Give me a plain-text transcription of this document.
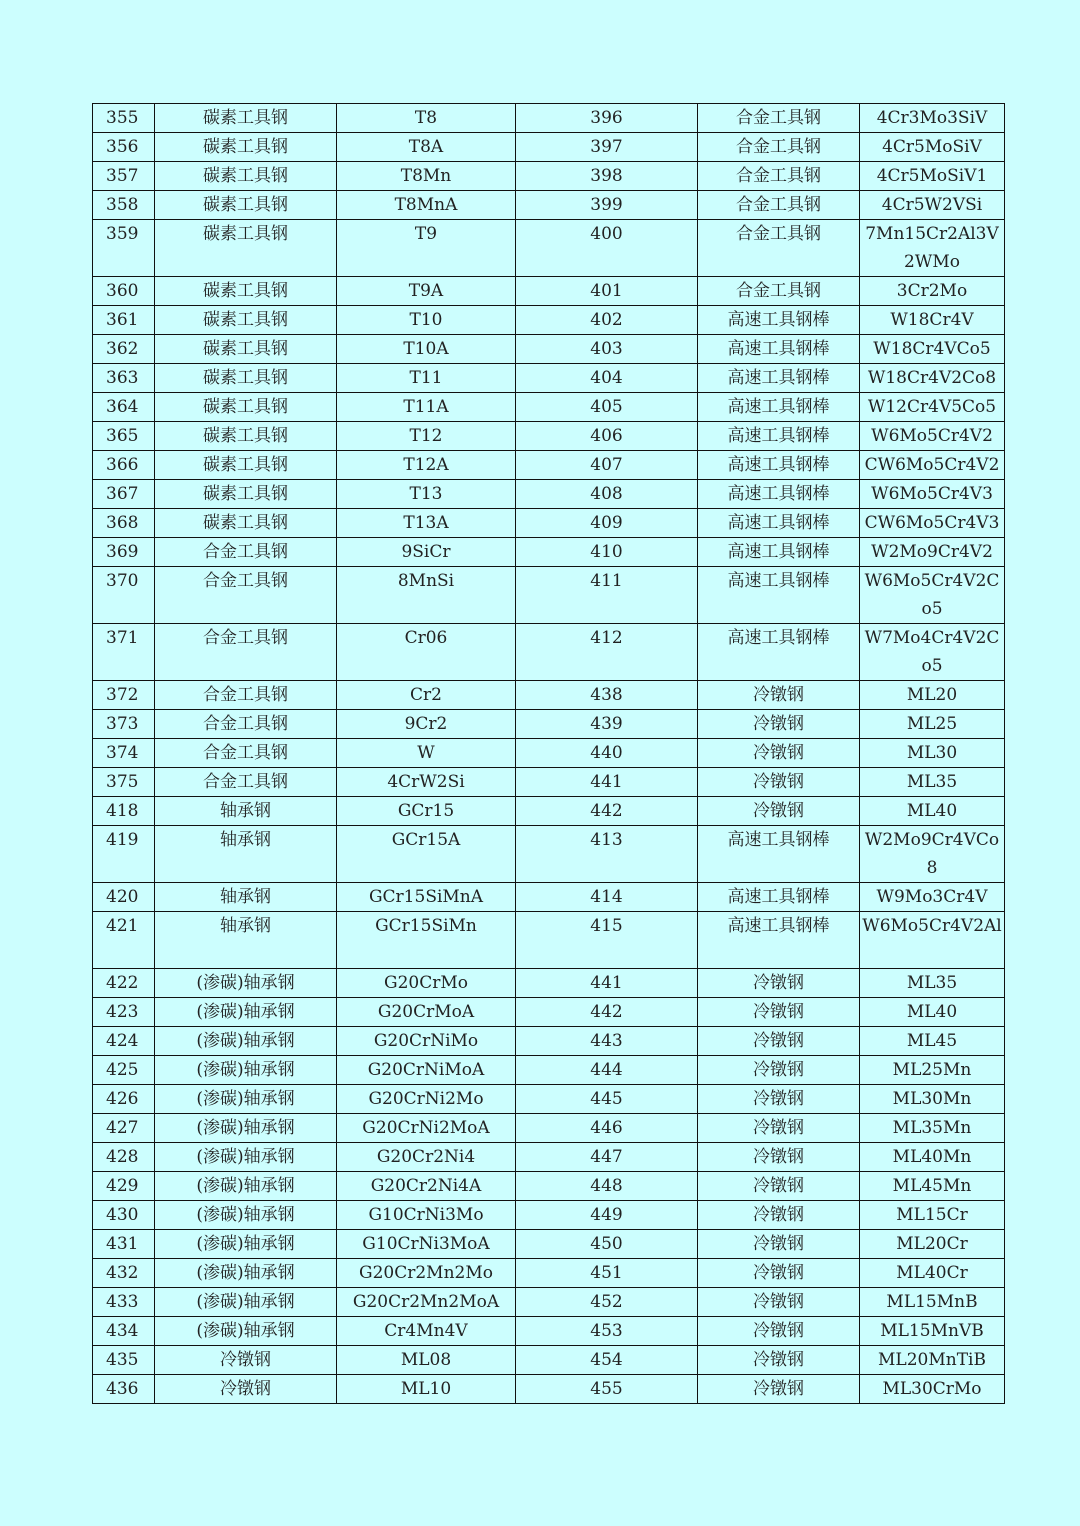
355	碳素工具钢	T8	396	合金工具钢	4Cr3Mo3SiV
356	碳素工具钢	T8A	397	合金工具钢	4Cr5MoSiV
357	碳素工具钢	T8Mn	398	合金工具钢	4Cr5MoSiV1
358	碳素工具钢	T8MnA	399	合金工具钢	4Cr5W2VSi
359	碳素工具钢	T9	400	合金工具钢	7Mn15Cr2Al3V2WMo
360	碳素工具钢	T9A	401	合金工具钢	3Cr2Mo
361	碳素工具钢	T10	402	高速工具钢棒	W18Cr4V
362	碳素工具钢	T10A	403	高速工具钢棒	W18Cr4VCo5
363	碳素工具钢	T11	404	高速工具钢棒	W18Cr4V2Co8
364	碳素工具钢	T11A	405	高速工具钢棒	W12Cr4V5Co5
365	碳素工具钢	T12	406	高速工具钢棒	W6Mo5Cr4V2
366	碳素工具钢	T12A	407	高速工具钢棒	CW6Mo5Cr4V2
367	碳素工具钢	T13	408	高速工具钢棒	W6Mo5Cr4V3
368	碳素工具钢	T13A	409	高速工具钢棒	CW6Mo5Cr4V3
369	合金工具钢	9SiCr	410	高速工具钢棒	W2Mo9Cr4V2
370	合金工具钢	8MnSi	411	高速工具钢棒	W6Mo5Cr4V2Co5
371	合金工具钢	Cr06	412	高速工具钢棒	W7Mo4Cr4V2Co5
372	合金工具钢	Cr2	438	冷镦钢	ML20
373	合金工具钢	9Cr2	439	冷镦钢	ML25
374	合金工具钢	W	440	冷镦钢	ML30
375	合金工具钢	4CrW2Si	441	冷镦钢	ML35
418	轴承钢	GCr15	442	冷镦钢	ML40
419	轴承钢	GCr15A	413	高速工具钢棒	W2Mo9Cr4VCo8
420	轴承钢	GCr15SiMnA	414	高速工具钢棒	W9Mo3Cr4V
421	轴承钢	GCr15SiMn	415	高速工具钢棒	W6Mo5Cr4V2Al
422	(渗碳)轴承钢	G20CrMo	441	冷镦钢	ML35
423	(渗碳)轴承钢	G20CrMoA	442	冷镦钢	ML40
424	(渗碳)轴承钢	G20CrNiMo	443	冷镦钢	ML45
425	(渗碳)轴承钢	G20CrNiMoA	444	冷镦钢	ML25Mn
426	(渗碳)轴承钢	G20CrNi2Mo	445	冷镦钢	ML30Mn
427	(渗碳)轴承钢	G20CrNi2MoA	446	冷镦钢	ML35Mn
428	(渗碳)轴承钢	G20Cr2Ni4	447	冷镦钢	ML40Mn
429	(渗碳)轴承钢	G20Cr2Ni4A	448	冷镦钢	ML45Mn
430	(渗碳)轴承钢	G10CrNi3Mo	449	冷镦钢	ML15Cr
431	(渗碳)轴承钢	G10CrNi3MoA	450	冷镦钢	ML20Cr
432	(渗碳)轴承钢	G20Cr2Mn2Mo	451	冷镦钢	ML40Cr
433	(渗碳)轴承钢	G20Cr2Mn2MoA	452	冷镦钢	ML15MnB
434	(渗碳)轴承钢	Cr4Mn4V	453	冷镦钢	ML15MnVB
435	冷镦钢	ML08	454	冷镦钢	ML20MnTiB
436	冷镦钢	ML10	455	冷镦钢	ML30CrMo
